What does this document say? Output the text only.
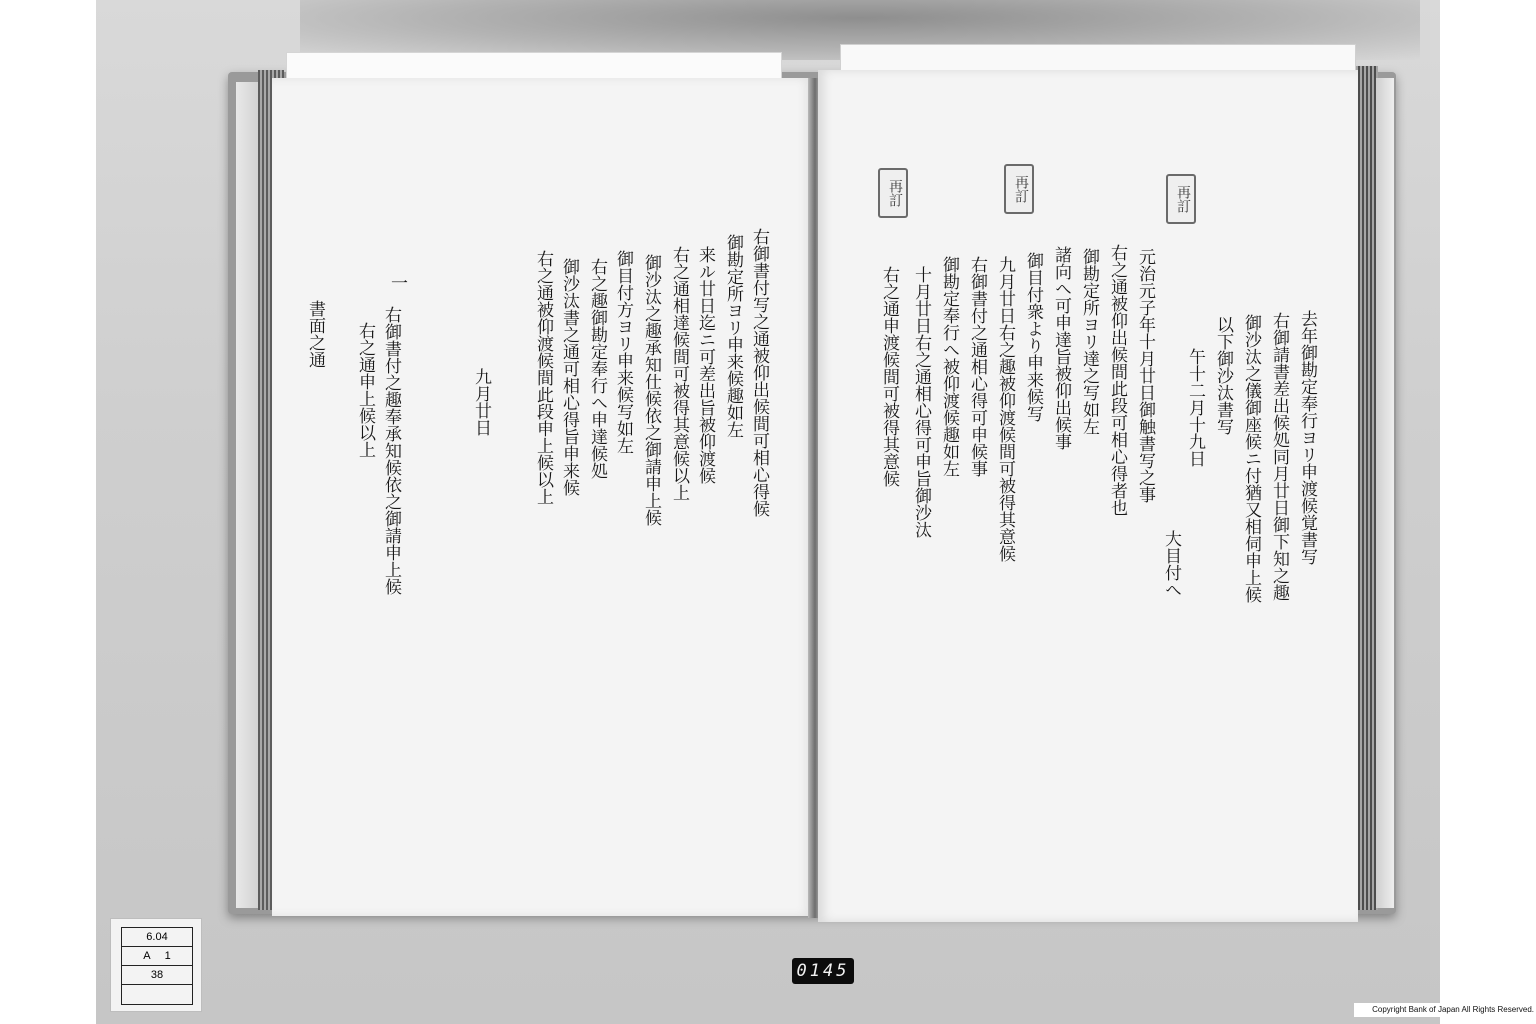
右御書付写之通被仰出候間可相心得候
御勘定所ヨリ申来候趣如左
来ル廿日迄ニ可差出旨被仰渡候
右之通相達候間可被得其意候以上
御沙汰之趣承知仕候依之御請申上候
御目付方ヨリ申来候写如左
右之趣御勘定奉行へ申達候処
御沙汰書之通可相心得旨申来候
右之通被仰渡候間此段申上候以上
九月廿日
一
右御書付之趣奉承知候依之御請申上候
右之通申上候以上
書面之通
再訂	再訂	再訂
去年御勘定奉行ヨリ申渡候覚書写
右御請書差出候処同月廿日御下知之趣
御沙汰之儀御座候ニ付猶又相伺申上候
以下御沙汰書写
午十二月十九日
大目付へ
元治元子年十月廿日御触書写之事
右之通被仰出候間此段可相心得者也
御勘定所ヨリ達之写如左
諸向へ可申達旨被仰出候事
御目付衆より申来候写
九月廿日右之趣被仰渡候間可被得其意候
右御書付之通相心得可申候事
御勘定奉行へ被仰渡候趣如左
十月廿日右之通相心得可申旨御沙汰
右之通申渡候間可被得其意候
6.04
A 1
38	0145
Copyright Bank of Japan All Rights Reserved.
